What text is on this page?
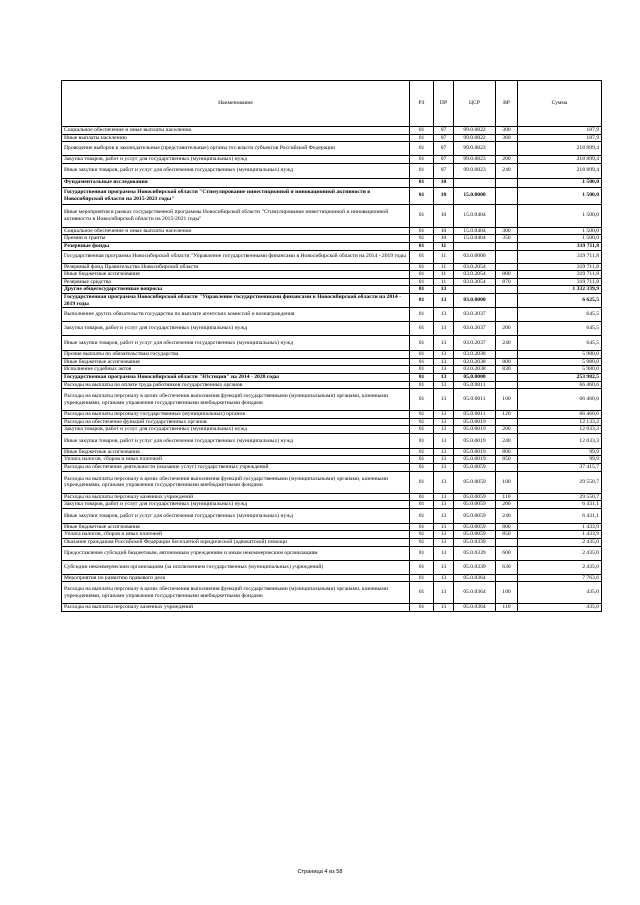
Наименование	РЗ	ПР	ЦСР	ВР	Сумма
Социальное обеспечение и иные выплаты населению	01	07	99.0.0822	300	187,9
Иные выплаты населению	01	07	99.0.0822	360	187,9
Проведение выборов в законодательные (представительные) органы гос.власти субъектов Российской Федерации	01	07	99.0.0823		218 899,4
Закупка товаров, работ и услуг для государственных (муниципальных) нужд	01	07	99.0.0823	200	218 899,4
Иные закупки товаров, работ и услуг для обеспечения государственных (муниципальных) нужд	01	07	99.0.0823	240	218 899,4
Фундаментальные исследования	01	10			1 500,0
Государственная программа Новосибирской области "Стимулирование инвестиционной и инновационной активности в Новосибирской области на 2015-2021 годы"	01	10	15.0.0000		1 500,0
Иные мероприятия в рамках государственной программы Новосибирской области "Стимулирование инвестиционной и инновационной активности в Новосибирской области на 2015-2021 годы"	01	10	15.0.0404		1 500,0
Социальное обеспечение и иные выплаты населению	01	10	15.0.0404	300	1 500,0
Премии и гранты	01	10	15.0.0404	350	1 500,0
Резервные фонды	01	11			319 711,8
Государственная программа Новосибирской области "Управление государственными финансами в Новосибирской области на 2014 - 2019 годы	01	11	03.0.0000		319 711,8
Резервный фонд Правительства Новосибирской области	01	11	03.0.2054		319 711,8
Иные бюджетные ассигнования	01	11	03.0.2054	800	319 711,8
Резервные средства	01	11	03.0.2054	870	319 711,8
Другие общегосударственные вопросы	01	13			1 332 339,9
Государственная программа Новосибирской области "Управление государственными финансами в Новосибирской области на 2014 - 2019 годы	01	13	03.0.0000		6 625,5
Выполнение других обязательств государства по выплате агентских комиссий и вознаграждения	01	13	03.0.2037		645,5
Закупка товаров, работ и услуг для государственных (муниципальных) нужд	01	13	03.0.2037	200	645,5
Иные закупки товаров, работ и услуг для обеспечения государственных (муниципальных) нужд	01	13	03.0.2037	240	645,5
Прочие выплаты по обязательствам государства	01	13	03.0.2038		5 980,0
Иные бюджетные ассигнования	01	13	03.0.2038	800	5 980,0
Исполнение судебных актов	01	13	03.0.2038	830	5 980,0
Государственная программа Новосибирской области "Юстиция" на 2014 - 2020 годы	01	13	05.0.0000		253 982,5
Расходы на выплаты по оплате труда работников государственных органов	01	13	05.0.0011		66 460,6
Расходы на выплаты персоналу в целях обеспечения выполнения функций государственными (муниципальными) органами, казенными учреждениями, органами управления государственными внебюджетными фондами	01	13	05.0.0011	100	66 460,6
Расходы на выплаты персоналу государственных (муниципальных) органов	01	13	05.0.0011	120	66 460,6
Расходы на обеспечение функций государственных органов	01	13	05.0.0019		12 133,2
Закупка товаров, работ и услуг для государственных (муниципальных) нужд	01	13	05.0.0019	200	12 033,3
Иные закупки товаров, работ и услуг для обеспечения государственных (муниципальных) нужд	01	13	05.0.0019	240	12 033,3
Иные бюджетные ассигнования	01	13	05.0.0019	800	99,9
Уплата налогов, сборов и иных платежей	01	13	05.0.0019	850	99,9
Расходы на обеспечение деятельности (оказание услуг) государственных учреждений	01	13	05.0.0059		37 415,7
Расходы на выплаты персоналу в целях обеспечения выполнения функций государственными (муниципальными) органами, казенными учреждениями, органами управления государственными внебюджетными фондами	01	13	05.0.0059	100	29 550,7
Расходы на выплаты персоналу казенных учреждений	01	13	05.0.0059	110	29 550,7
Закупка товаров, работ и услуг для государственных (муниципальных) нужд	01	13	05.0.0059	200	6 431,1
Иные закупки товаров, работ и услуг для обеспечения государственных (муниципальных) нужд	01	13	05.0.0059	240	6 431,1
Иные бюджетные ассигнования	01	13	05.0.0059	800	1 433,9
Уплата налогов, сборов и иных платежей	01	13	05.0.0059	850	1 433,9
Оказание гражданам Российской Федерации бесплатной юридической (адвокатской) помощи	01	13	05.0.0339		2 435,0
Предоставление субсидий бюджетным, автономным учреждениям и иным некоммерческим организациям	01	13	05.0.0339	600	2 435,0
Субсидии некоммерческим организациям (за исключением государственных (муниципальных) учреждений)	01	13	05.0.0339	630	2 435,0
Мероприятия по развитию правового дела	01	13	05.0.0364		7 763,6
Расходы на выплаты персоналу в целях обеспечения выполнения функций государственными (муниципальными) органами, казенными учреждениями, органами управления государственными внебюджетными фондами	01	13	05.0.0364	100	435,0
Расходы на выплаты персоналу казенных учреждений	01	13	05.0.0364	110	435,0
Страница 4 из 58
